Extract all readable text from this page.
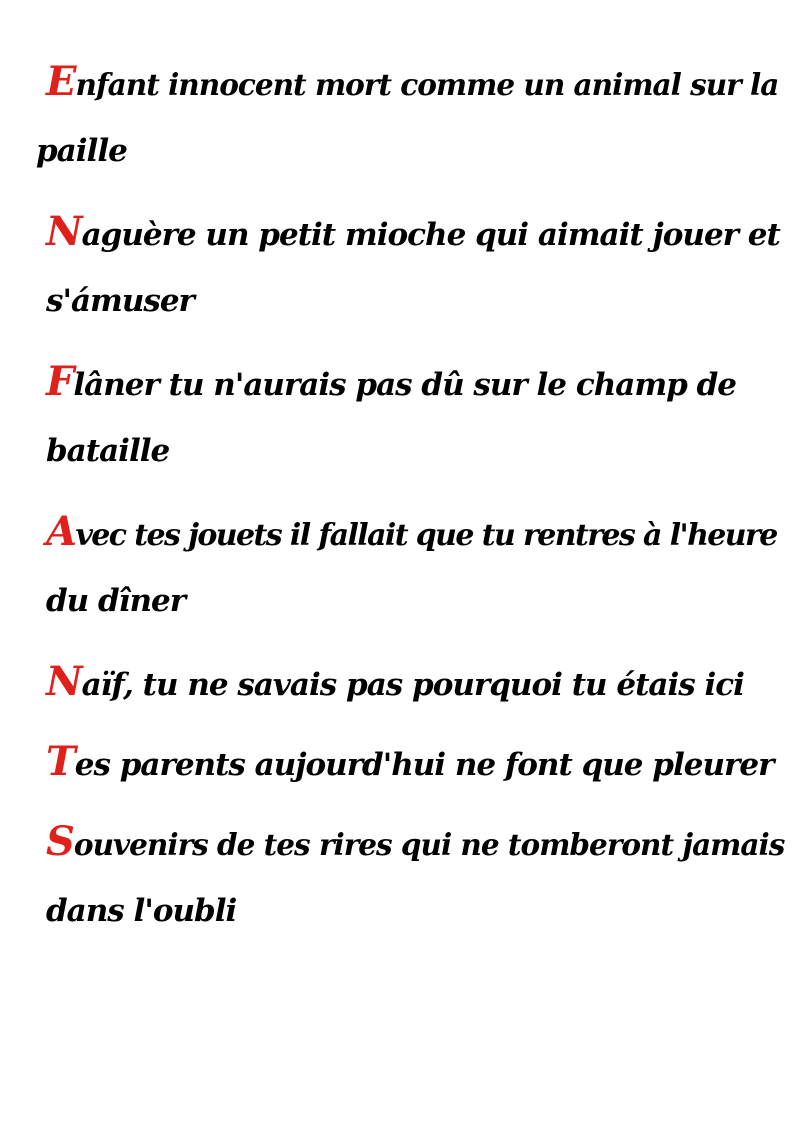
Enfant innocent mort comme un animal sur la

paille

Naguère un petit mioche qui aimait jouer et

s'ámuser

Flâner tu n'aurais pas dû sur le champ de

bataille

Avec tes jouets il fallait que tu rentres à l'heure

du dîner

Naïf, tu ne savais pas pourquoi tu étais ici

Tes parents aujourd'hui ne font que pleurer

Souvenirs de tes rires qui ne tomberont jamais

dans l'oubli
